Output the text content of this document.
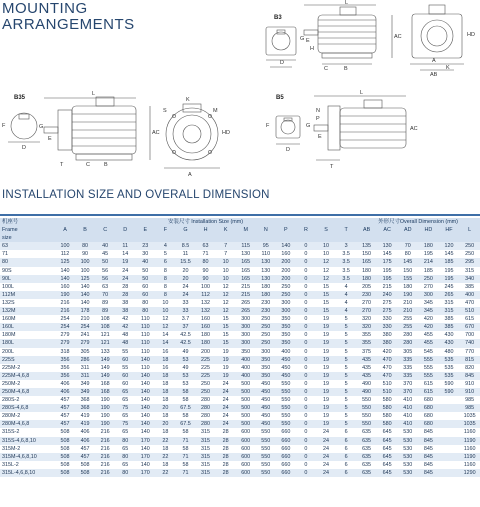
MOUNTING
ARRANGEMENTS	B3
B35	B5
L
AC	HD
H
A
AB
K
B
C
E
D
G
F	G
D
L
AC
E
C	B
T
A
HD
S	M
K
G
F
D
L
AC
E
T
P
N
INSTALLATION SIZE AND OVERALL DIMENSION
机座号	安装尺寸 Installation Size (mm)															外形尺寸Overall Dimension (mm)					
Frame	A	B	C	D	E	F	G	H	K	M	N	P	R	S	T	AB	AC	AD	HD	HF	L
size																					
63	100	80	40	11	23	4	8.5	63	7	115	95	140	0	10	3	135	130	70	180	120	250
71	112	90	45	14	30	5	11	71	7	130	110	160	0	10	3.5	150	145	80	195	145	250
80	125	100	50	19	40	6	15.5	80	10	165	130	200	0	12	3.5	165	175	145	214	185	295
90S	140	100	56	24	50	8	20	90	10	165	130	200	0	12	3.5	180	195	150	185	195	315
90L	140	125	56	24	50	8	20	90	10	165	130	200	0	12	3.5	180	195	155	250	195	340
100L	160	140	63	28	60	8	24	100	12	215	180	250	0	15	4	205	215	180	270	245	385
112M	190	140	70	28	60	8	24	112	12	215	180	250	0	15	4	230	240	190	300	265	400
132S	216	140	89	38	80	10	33	132	12	265	230	300	0	15	4	270	275	210	345	315	470
132M	216	178	89	38	80	10	33	132	12	265	230	300	0	15	4	270	275	210	345	315	510
160M	254	210	108	42	110	12	3.7	160	15	300	250	350	0	19	5	320	330	255	420	385	615
160L	254	254	108	42	110	12	37	160	15	300	250	350	0	19	5	320	330	255	420	385	670
180M	279	241	121	48	110	14	42.5	180	15	300	250	350	0	19	5	355	380	280	455	430	700
180L	279	279	121	48	110	14	42.5	180	15	300	250	350	0	19	5	355	380	280	455	430	740
200L	318	305	133	55	110	16	49	200	19	350	300	400	0	19	5	375	420	305	545	480	770
225S	356	286	149	60	140	18	53	225	19	400	350	450	0	19	5	435	470	335	555	535	815
225M-2	356	311	149	55	110	16	49	225	19	400	350	450	0	19	5	435	470	335	555	535	820
225M-4,6,8	356	311	149	60	140	18	53	225	19	400	350	450	0	19	5	435	470	335	555	535	845
250M-2	406	349	168	60	140	18	53	250	24	500	450	550	0	19	5	490	510	370	615	590	910
250M-4,6,8	406	349	168	65	140	18	58	250	24	500	450	550	0	19	5	490	510	370	615	590	910
280S-2	457	368	190	65	140	18	58	280	24	500	450	550	0	19	5	550	580	410	680		985
280S-4,6,8	457	368	190	75	140	20	67.5	280	24	500	450	550	0	19	5	550	580	410	680		985
280M-2	457	419	190	65	140	18	58	280	24	500	450	550	0	19	5	550	580	410	680		1035
280M-4,6,8	457	419	190	75	140	20	67.5	280	24	500	450	550	0	19	5	550	580	410	680		1035
315S-2	508	406	216	65	140	18	58	315	28	600	550	660	0	24	6	635	645	530	845		1160
315S-4,6,8,10	508	406	216	80	170	22	71	315	28	600	550	660	0	24	6	635	645	530	845		1190
315M-2	508	457	216	65	140	18	58	315	28	600	550	660	0	24	6	635	645	530	845		1160
315M-4,6,8,10	508	457	216	80	170	22	71	315	28	600	550	660	0	24	6	635	645	530	845		1190
315L-2	508	508	216	65	140	18	58	315	28	600	550	660	0	24	6	635	645	530	845		1160
315L-4,6,8,10	508	508	216	80	170	22	71	315	28	600	550	660	0	24	6	635	645	530	845		1290
